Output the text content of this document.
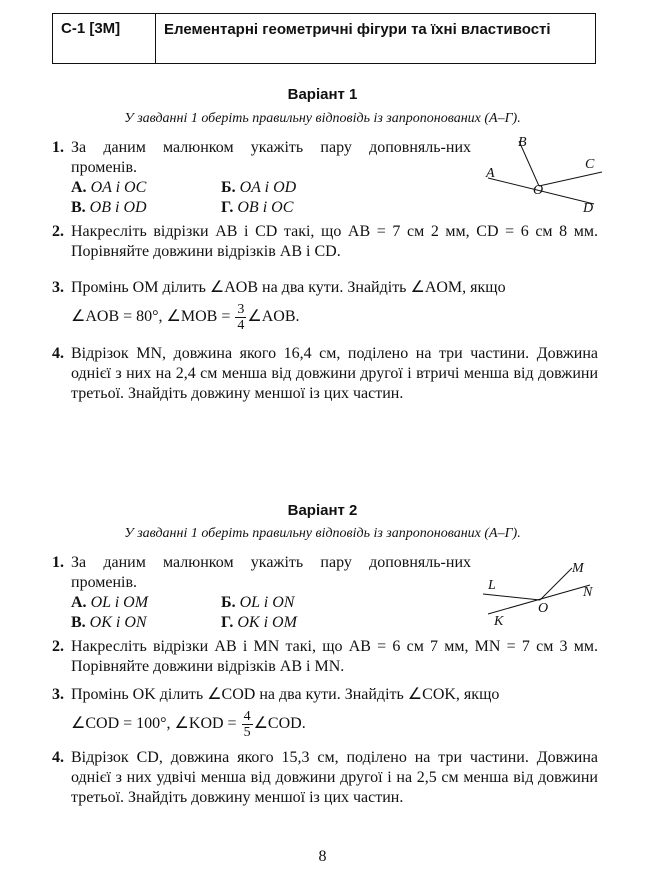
С-1 [3М]	Елементарні геометричні фігури та їхні властивості
Варіант 1
У завданні 1 оберіть правильну відповідь із запропонованих (А–Г).
1. За даним малюнком укажіть пару доповняль-них променів.
А. OA і OC	Б. OA і OD
В. OB і OD	Г. OB і OC
B
C
A
O
D
2. Накресліть відрізки AB і CD такі, що AB = 7 см 2 мм, CD = 6 см 8 мм. Порівняйте довжини відрізків AB і CD.
3. Промінь OM ділить ∠AOB на два кути. Знайдіть ∠AOM, якщо
∠AOB = 80°, ∠MOB = $\frac{3}{4}$ ∠AOB.
4. Відрізок MN, довжина якого 16,4 см, поділено на три частини. Довжина однієї з них на 2,4 см менша від довжини другої і втричі менша від довжини третьої. Знайдіть довжину меншої із цих частин.
Варіант 2
У завданні 1 оберіть правильну відповідь із запропонованих (А–Г).
1. За даним малюнком укажіть пару доповняль-них променів.
А. OL і OM	Б. OL і ON
В. OK і ON	Г. OK і OM
M
L	N
O
K
2. Накресліть відрізки AB і MN такі, що AB = 6 см 7 мм, MN = 7 см 3 мм. Порівняйте довжини відрізків AB і MN.
3. Промінь OK ділить ∠COD на два кути. Знайдіть ∠COK, якщо
∠COD = 100°, ∠KOD = $\frac{4}{5}$ ∠COD.
4. Відрізок CD, довжина якого 15,3 см, поділено на три частини. Довжина однієї з них удвічі менша від довжини другої і на 2,5 см менша від довжини третьої. Знайдіть довжину меншої із цих частин.
8
